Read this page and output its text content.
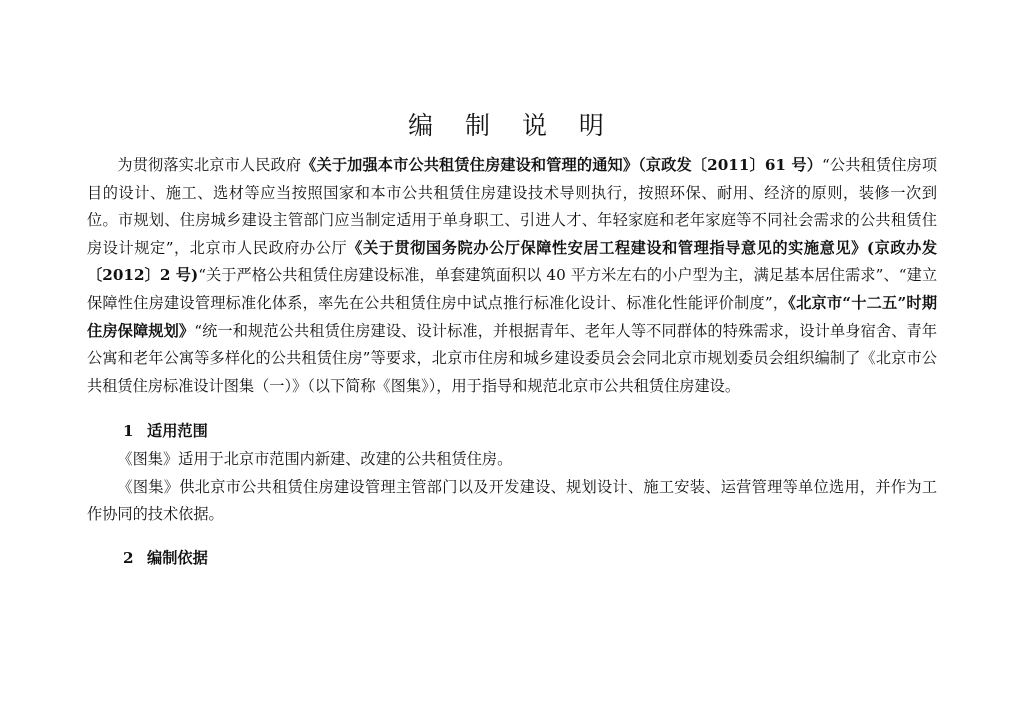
编 制 说 明

为贯彻落实北京市人民政府《关于加强本市公共租赁住房建设和管理的通知》（京政发〔2011〕61 号）“公共租赁住房项目的设计、施工、选材等应当按照国家和本市公共租赁住房建设技术导则执行，按照环保、耐用、经济的原则，装修一次到位。市规划、住房城乡建设主管部门应当制定适用于单身职工、引进人才、年轻家庭和老年家庭等不同社会需求的公共租赁住房设计规定”，北京市人民政府办公厅《关于贯彻国务院办公厅保障性安居工程建设和管理指导意见的实施意见》(京政办发〔2012〕2 号)“关于严格公共租赁住房建设标准，单套建筑面积以 40 平方米左右的小户型为主，满足基本居住需求”、“建立保障性住房建设管理标准化体系，率先在公共租赁住房中试点推行标准化设计、标准化性能评价制度”，《北京市“十二五”时期住房保障规划》“统一和规范公共租赁住房建设、设计标准，并根据青年、老年人等不同群体的特殊需求，设计单身宿舍、青年公寓和老年公寓等多样化的公共租赁住房”等要求，北京市住房和城乡建设委员会会同北京市规划委员会组织编制了《北京市公共租赁住房标准设计图集（一）》（以下简称《图集》），用于指导和规范北京市公共租赁住房建设。

1 适用范围

《图集》适用于北京市范围内新建、改建的公共租赁住房。

《图集》供北京市公共租赁住房建设管理主管部门以及开发建设、规划设计、施工安装、运营管理等单位选用，并作为工作协同的技术依据。

2 编制依据
